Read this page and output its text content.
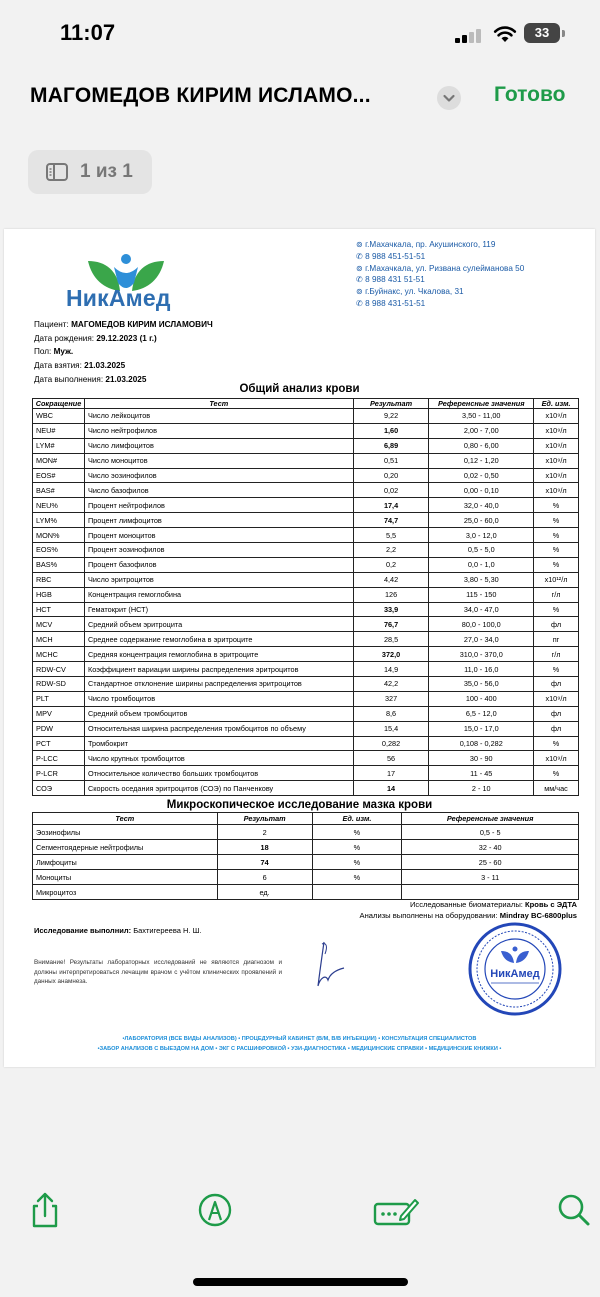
11:07	33
МАГОМЕДОВ КИРИМ ИСЛАМО...	Готово
1 из 1
НикАмед
⊚ г.Махачкала, пр. Акушинского, 119
✆ 8 988 451-51-51
⊚ г.Махачкала, ул. Ризвана сулейманова 50
✆ 8 988 431 51-51
⊚ г.Буйнакс, ул. Чкалова, 31
✆ 8 988 431-51-51
Пациент: МАГОМЕДОВ КИРИМ ИСЛАМОВИЧ
Дата рождения: 29.12.2023 (1 г.)
Пол: Муж.
Дата взятия: 21.03.2025
Дата выполнения: 21.03.2025
Общий анализ крови
Сокращение	Тест	Результат	Референсные значения	Ед. изм.
WBC	Число лейкоцитов	9,22	3,50 - 11,00	x10⁹/л
NEU#	Число нейтрофилов	1,60	2,00 - 7,00	x10⁹/л
LYM#	Число лимфоцитов	6,89	0,80 - 6,00	x10⁹/л
MON#	Число моноцитов	0,51	0,12 - 1,20	x10⁹/л
EOS#	Число эозинофилов	0,20	0,02 - 0,50	x10⁹/л
BAS#	Число базофилов	0,02	0,00 - 0,10	x10⁹/л
NEU%	Процент нейтрофилов	17,4	32,0 - 40,0	%
LYM%	Процент лимфоцитов	74,7	25,0 - 60,0	%
MON%	Процент моноцитов	5,5	3,0 - 12,0	%
EOS%	Процент эозинофилов	2,2	0,5 - 5,0	%
BAS%	Процент базофилов	0,2	0,0 - 1,0	%
RBC	Число эритроцитов	4,42	3,80 - 5,30	x10¹²/л
HGB	Концентрация гемоглобина	126	115 - 150	г/л
HCT	Гематокрит (НСТ)	33,9	34,0 - 47,0	%
MCV	Средний объем эритроцита	76,7	80,0 - 100,0	фл
MCH	Среднее содержание гемоглобина в эритроците	28,5	27,0 - 34,0	пг
MCHC	Средняя концентрация гемоглобина в эритроците	372,0	310,0 - 370,0	г/л
RDW-CV	Коэффициент вариации ширины распределения эритроцитов	14,9	11,0 - 16,0	%
RDW-SD	Стандартное отклонение ширины распределения эритроцитов	42,2	35,0 - 56,0	фл
PLT	Число тромбоцитов	327	100 - 400	x10⁹/л
MPV	Средний объем тромбоцитов	8,6	6,5 - 12,0	фл
PDW	Относительная ширина распределения тромбоцитов по объему	15,4	15,0 - 17,0	фл
PCT	Тромбокрит	0,282	0,108 - 0,282	%
P-LCC	Число крупных тромбоцитов	56	30 - 90	x10⁹/л
P-LCR	Относительное количество больших тромбоцитов	17	11 - 45	%
СОЭ	Скорость оседания эритроцитов (СОЭ) по Панченкову	14	2 - 10	мм/час
Микроскопическое исследование мазка крови
Тест	Результат	Ед. изм.	Референсные значения
Эозинофилы	2	%	0,5 - 5
Сегментоядерные нейтрофилы	18	%	32 - 40
Лимфоциты	74	%	25 - 60
Моноциты	6	%	3 - 11
Микроцитоз	ед.		
Исследованные биоматериалы: Кровь с ЭДТА
Анализы выполнены на оборудовании: Mindray BC-6800plus
Исследование выполнил: Бахтигереева Н. Ш.
Внимание! Результаты лабораторных исследований не являются диагнозом и должны интерпретироваться лечащим врачом с учётом клинических проявлений и данных анамнеза.
НикАмед
•ЛАБОРАТОРИЯ (ВСЕ ВИДЫ АНАЛИЗОВ) • ПРОЦЕДУРНЫЙ КАБИНЕТ (В/М, В/В ИНЪЕКЦИИ) • КОНСУЛЬТАЦИЯ СПЕЦИАЛИСТОВ
•ЗАБОР АНАЛИЗОВ С ВЫЕЗДОМ НА ДОМ • ЭКГ С РАСШИФРОВКОЙ • УЗИ-ДИАГНОСТИКА • МЕДИЦИНСКИЕ СПРАВКИ • МЕДИЦИНСКИЕ КНИЖКИ •
